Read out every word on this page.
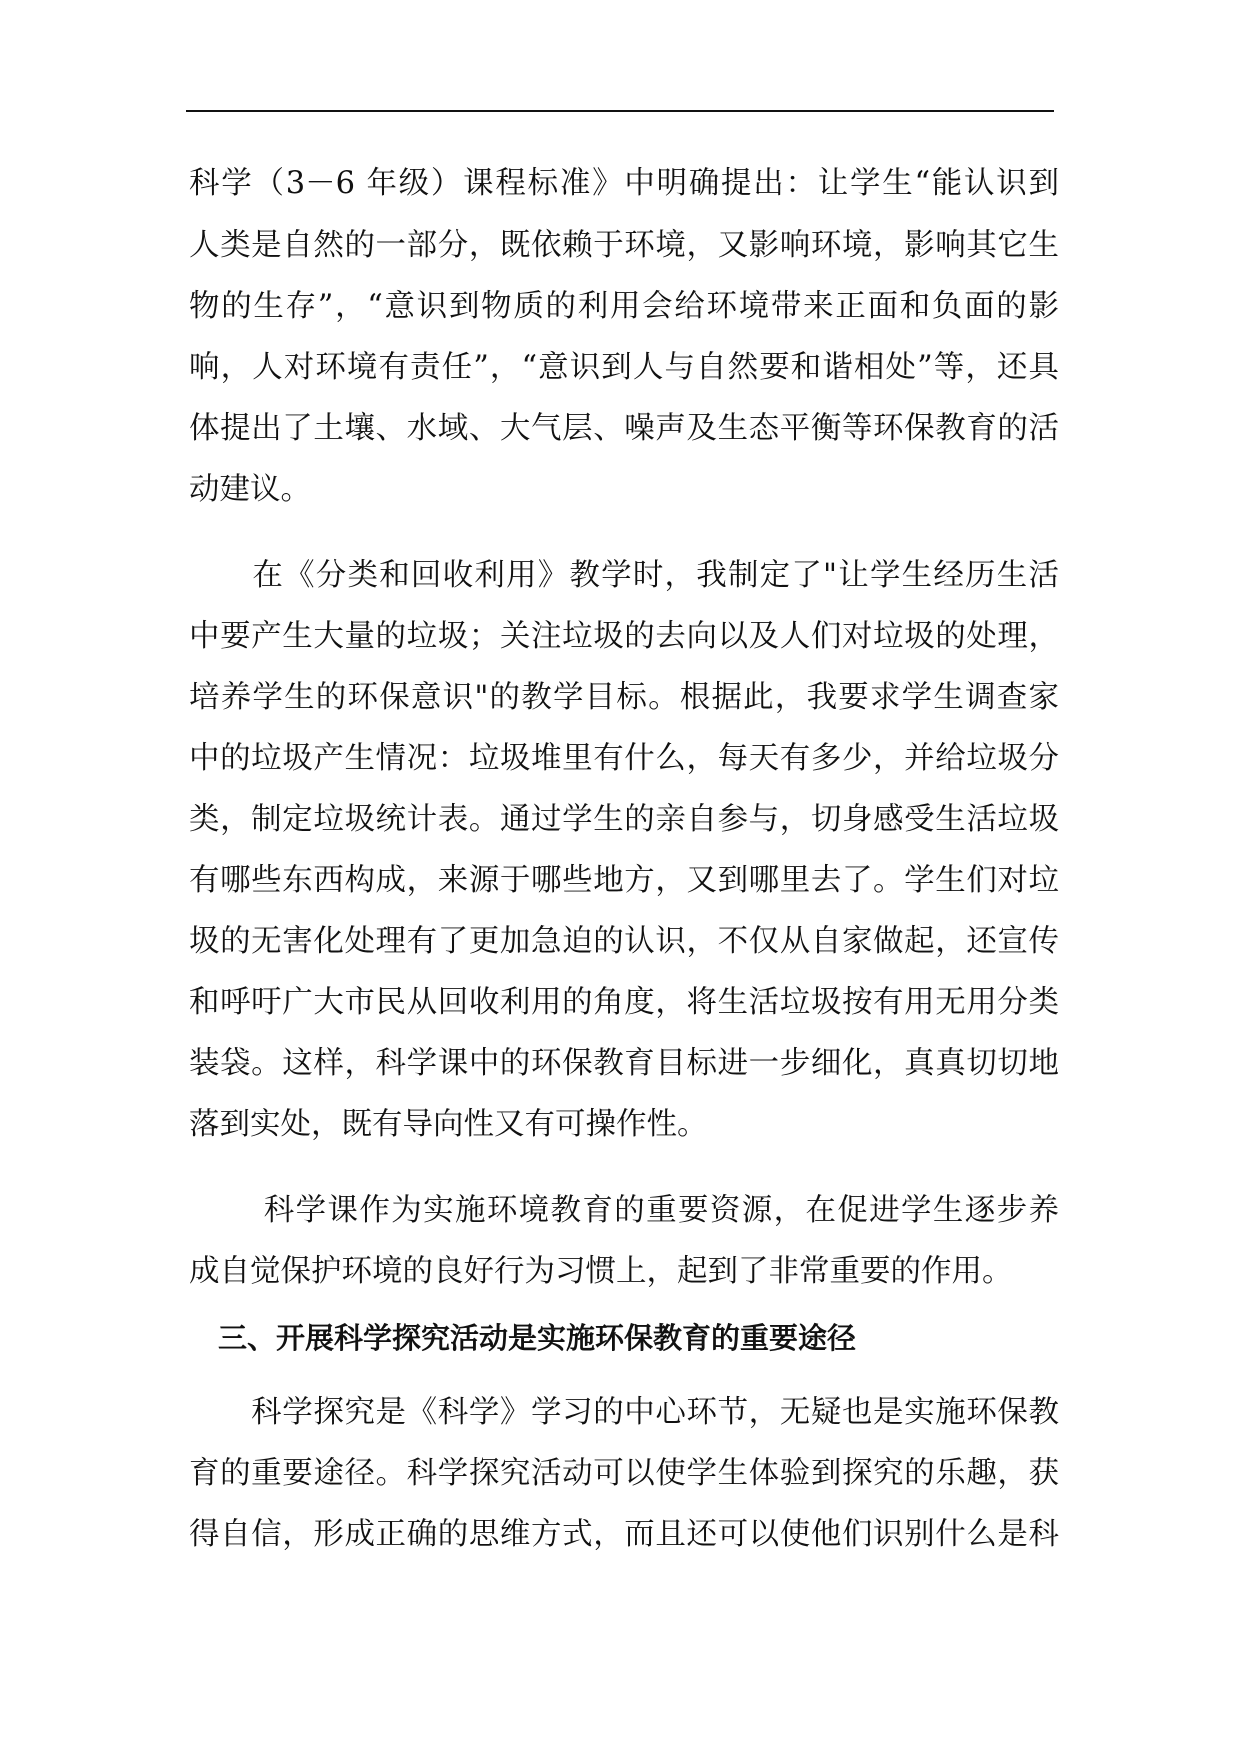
科学（3－6 年级）课程标准》中明确提出：让学生“能认识到
人类是自然的一部分，既依赖于环境，又影响环境，影响其它生
物的生存”，“意识到物质的利用会给环境带来正面和负面的影
响，人对环境有责任”，“意识到人与自然要和谐相处”等，还具
体提出了土壤、水域、大气层、噪声及生态平衡等环保教育的活
动建议。
　　在《分类和回收利用》教学时，我制定了"让学生经历生活
中要产生大量的垃圾；关注垃圾的去向以及人们对垃圾的处理，
培养学生的环保意识"的教学目标。根据此，我要求学生调查家
中的垃圾产生情况：垃圾堆里有什么，每天有多少，并给垃圾分
类，制定垃圾统计表。通过学生的亲自参与，切身感受生活垃圾
有哪些东西构成，来源于哪些地方，又到哪里去了。学生们对垃
圾的无害化处理有了更加急迫的认识，不仅从自家做起，还宣传
和呼吁广大市民从回收利用的角度，将生活垃圾按有用无用分类
装袋。这样，科学课中的环保教育目标进一步细化，真真切切地
落到实处，既有导向性又有可操作性。
　　 科学课作为实施环境教育的重要资源，在促进学生逐步养
成自觉保护环境的良好行为习惯上，起到了非常重要的作用。
　三、开展科学探究活动是实施环保教育的重要途径
　　科学探究是《科学》学习的中心环节，无疑也是实施环保教
育的重要途径。科学探究活动可以使学生体验到探究的乐趣，获
得自信，形成正确的思维方式，而且还可以使他们识别什么是科
